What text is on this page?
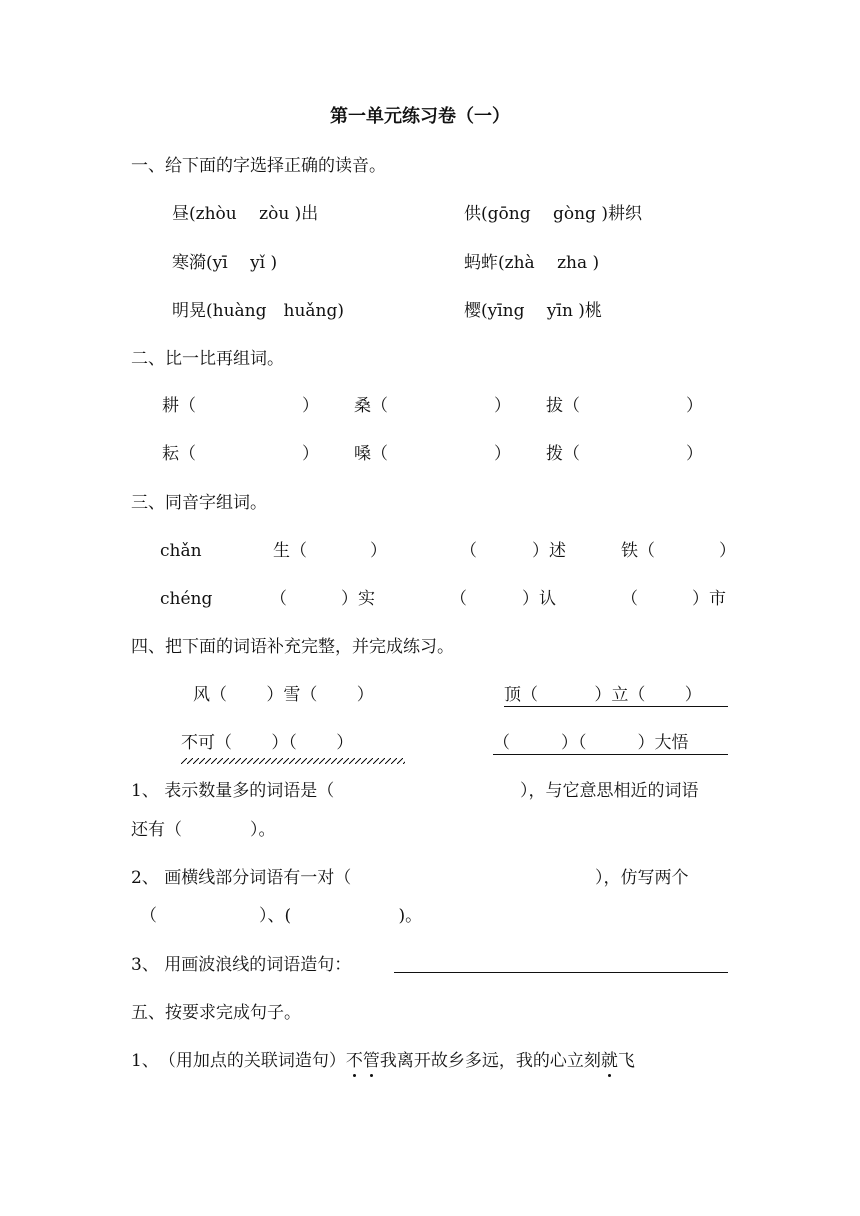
第一单元练习卷（一）
一、给下面的字选择正确的读音。
昼(zhòu　 zòu )出	供(gōng　 gòng )耕织
寒漪(yī　 yǐ )	蚂蚱(zhà　 zha )
明晃(huàng　huǎng)	樱(yīng　 yīn )桃
二、比一比再组词。
耕（	） 桑（	） 拔（	）
耘（	） 嗓（	） 拨（	）
三、同音字组词。
chǎn	生（	）	（	）述	铁（	）
chéng	（	）实	（	）认	（	）市
四、把下面的词语补充完整，并完成练习。
风（　　 ）雪（　　 ）	顶（　　　 ）立（　　 ）
不可（　　 ）（　　 ）	（　　　）（　　　）大悟
1、 表示数量多的词语是（	），与它意思相近的词语
还有（　　　　）。
2、 画横线部分词语有一对（	），仿写两个
（　　　　　　）、(　　　　　　 )。
3、 用画波浪线的词语造句：
五、按要求完成句子。
1、　（用加点的关联词造句）不管我离开故乡多远，我的心立刻就飞
